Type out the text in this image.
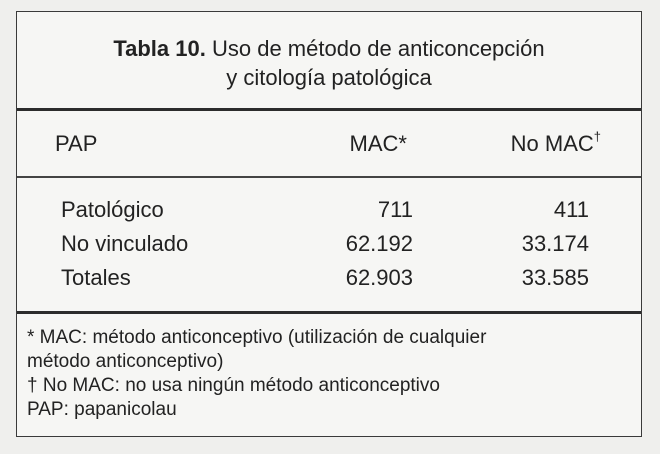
Tabla 10. Uso de método de anticoncepción
y citología patológica
PAP	MAC*	No MAC†
Patológico	711	411
No vinculado	62.192	33.174
Totales	62.903	33.585
* MAC: método anticonceptivo (utilización de cualquier
método anticonceptivo)
† No MAC: no usa ningún método anticonceptivo
PAP: papanicolau
